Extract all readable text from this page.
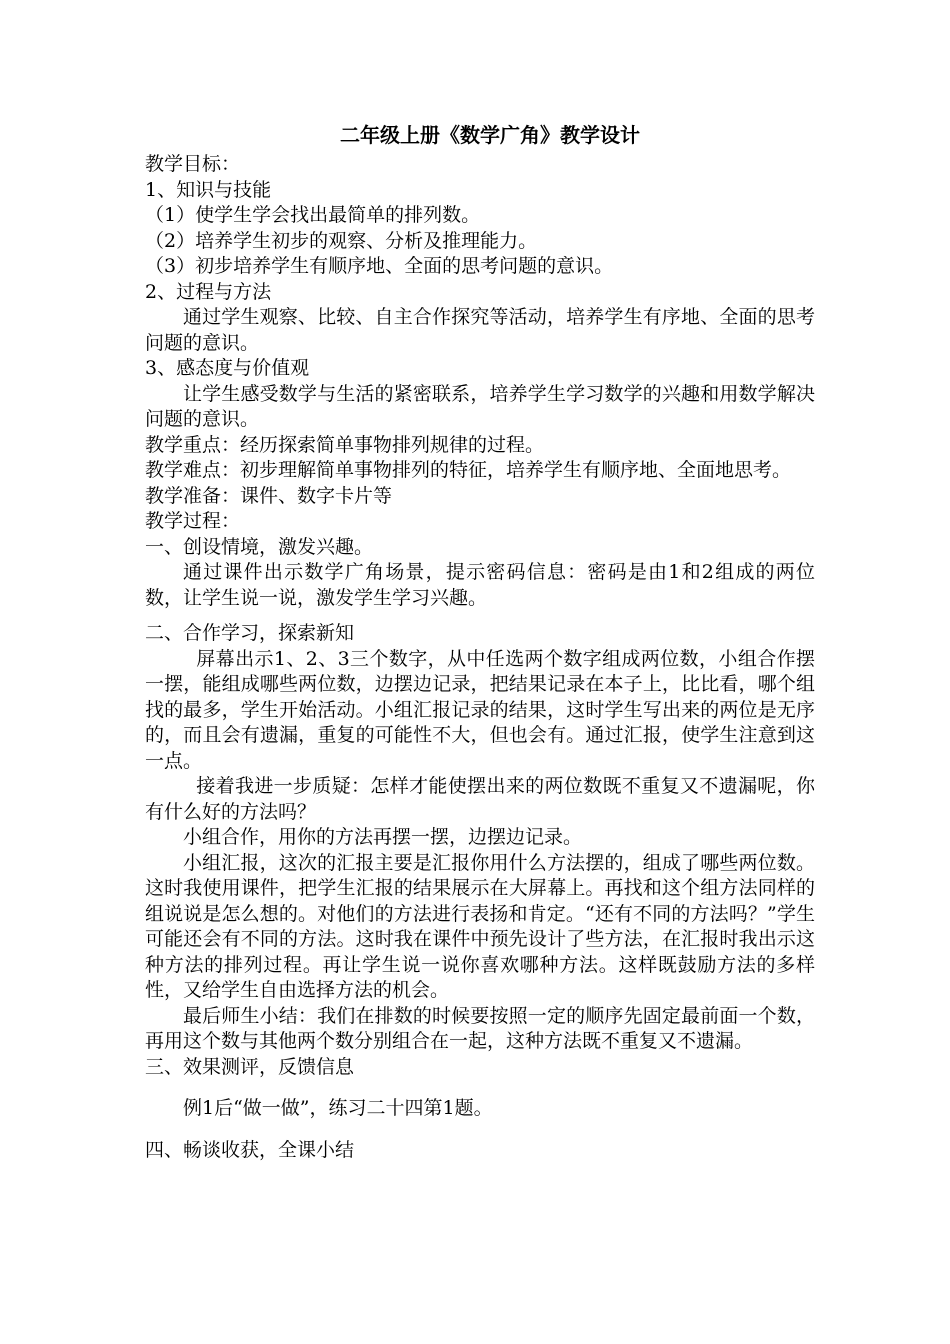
二年级上册《数学广角》教学设计

教学目标：

1、知识与技能

（1）使学生学会找出最简单的排列数。

（2）培养学生初步的观察、分析及推理能力。

（3）初步培养学生有顺序地、全面的思考问题的意识。

2、过程与方法

通过学生观察、比较、自主合作探究等活动，培养学生有序地、全面的思考问题的意识。

3、感态度与价值观

让学生感受数学与生活的紧密联系，培养学生学习数学的兴趣和用数学解决问题的意识。

教学重点：经历探索简单事物排列规律的过程。

教学难点：初步理解简单事物排列的特征，培养学生有顺序地、全面地思考。

教学准备：课件、数字卡片等

教学过程：

一、创设情境，激发兴趣。

通过课件出示数学广角场景，提示密码信息：密码是由1和2组成的两位数，让学生说一说，激发学生学习兴趣。

二、合作学习，探索新知

屏幕出示1、2、3三个数字，从中任选两个数字组成两位数，小组合作摆一摆，能组成哪些两位数，边摆边记录，把结果记录在本子上，比比看，哪个组找的最多，学生开始活动。小组汇报记录的结果，这时学生写出来的两位是无序的，而且会有遗漏，重复的可能性不大，但也会有。通过汇报，使学生注意到这一点。

接着我进一步质疑：怎样才能使摆出来的两位数既不重复又不遗漏呢，你有什么好的方法吗？

小组合作，用你的方法再摆一摆，边摆边记录。

小组汇报，这次的汇报主要是汇报你用什么方法摆的，组成了哪些两位数。这时我使用课件，把学生汇报的结果展示在大屏幕上。再找和这个组方法同样的组说说是怎么想的。对他们的方法进行表扬和肯定。“还有不同的方法吗？”学生可能还会有不同的方法。这时我在课件中预先设计了些方法，在汇报时我出示这种方法的排列过程。再让学生说一说你喜欢哪种方法。这样既鼓励方法的多样性，又给学生自由选择方法的机会。

最后师生小结：我们在排数的时候要按照一定的顺序先固定最前面一个数，再用这个数与其他两个数分别组合在一起，这种方法既不重复又不遗漏。

三、效果测评，反馈信息

例1后“做一做”，练习二十四第1题。

四、畅谈收获，全课小结
